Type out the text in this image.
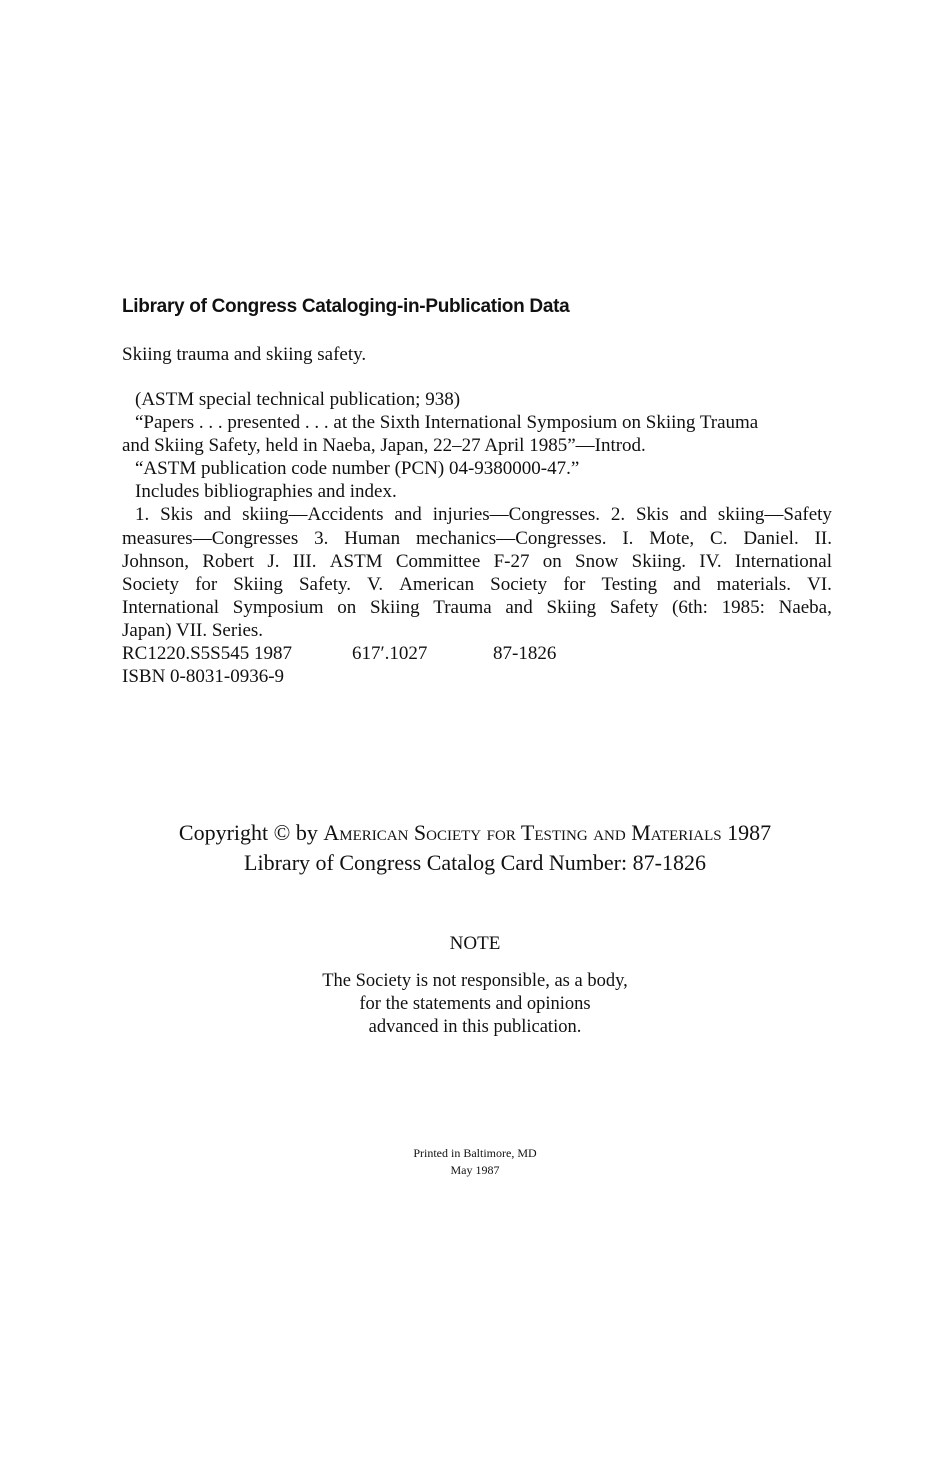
Library of Congress Cataloging-in-Publication Data
Skiing trauma and skiing safety.
(ASTM special technical publication; 938)
“Papers . . . presented . . . at the Sixth International Symposium on Skiing Trauma
and Skiing Safety, held in Naeba, Japan, 22–27 April 1985”—Introd.
“ASTM publication code number (PCN) 04-9380000-47.”
Includes bibliographies and index.
1. Skis and skiing—Accidents and injuries—Congresses. 2. Skis and skiing—Safety
measures—Congresses 3. Human mechanics—Congresses. I. Mote, C. Daniel. II.
Johnson, Robert J. III. ASTM Committee F-27 on Snow Skiing. IV. International
Society for Skiing Safety. V. American Society for Testing and materials. VI.
International Symposium on Skiing Trauma and Skiing Safety (6th: 1985: Naeba,
Japan) VII. Series.
RC1220.S5S545 1987	617′.1027	87-1826
ISBN 0-8031-0936-9
Copyright © by American Society for Testing and Materials 1987
Library of Congress Catalog Card Number: 87-1826
NOTE
The Society is not responsible, as a body,
for the statements and opinions
advanced in this publication.
Printed in Baltimore, MD
May 1987
